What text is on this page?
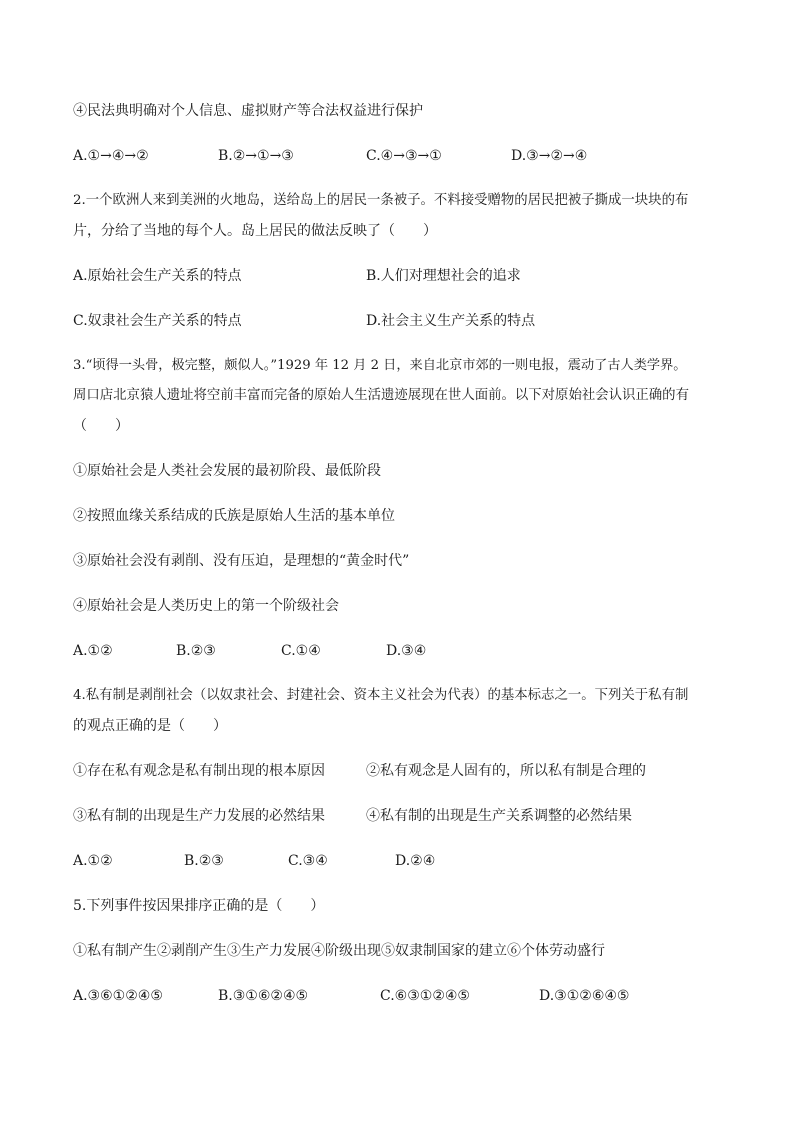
④民法典明确对个人信息、虚拟财产等合法权益进行保护
A.①→④→②	B.②→①→③	C.④→③→①	D.③→②→④
2.一个欧洲人来到美洲的火地岛，送给岛上的居民一条被子。不料接受赠物的居民把被子撕成一块块的布
片，分给了当地的每个人。岛上居民的做法反映了（　　）
A.原始社会生产关系的特点	B.人们对理想社会的追求
C.奴隶社会生产关系的特点	D.社会主义生产关系的特点
3.“顷得一头骨，极完整，颇似人。”1929 年 12 月 2 日，来自北京市郊的一则电报，震动了古人类学界。
周口店北京猿人遗址将空前丰富而完备的原始人生活遗迹展现在世人面前。以下对原始社会认识正确的有
（　　）
①原始社会是人类社会发展的最初阶段、最低阶段
②按照血缘关系结成的氏族是原始人生活的基本单位
③原始社会没有剥削、没有压迫，是理想的“黄金时代”
④原始社会是人类历史上的第一个阶级社会
A.①②	B.②③	C.①④	D.③④
4.私有制是剥削社会（以奴隶社会、封建社会、资本主义社会为代表）的基本标志之一。下列关于私有制
的观点正确的是（　　）
①存在私有观念是私有制出现的根本原因	②私有观念是人固有的，所以私有制是合理的
③私有制的出现是生产力发展的必然结果	④私有制的出现是生产关系调整的必然结果
A.①②	B.②③	C.③④	D.②④
5.下列事件按因果排序正确的是（　　）
①私有制产生②剥削产生③生产力发展④阶级出现⑤奴隶制国家的建立⑥个体劳动盛行
A.③⑥①②④⑤	B.③①⑥②④⑤	C.⑥③①②④⑤	D.③①②⑥④⑤
